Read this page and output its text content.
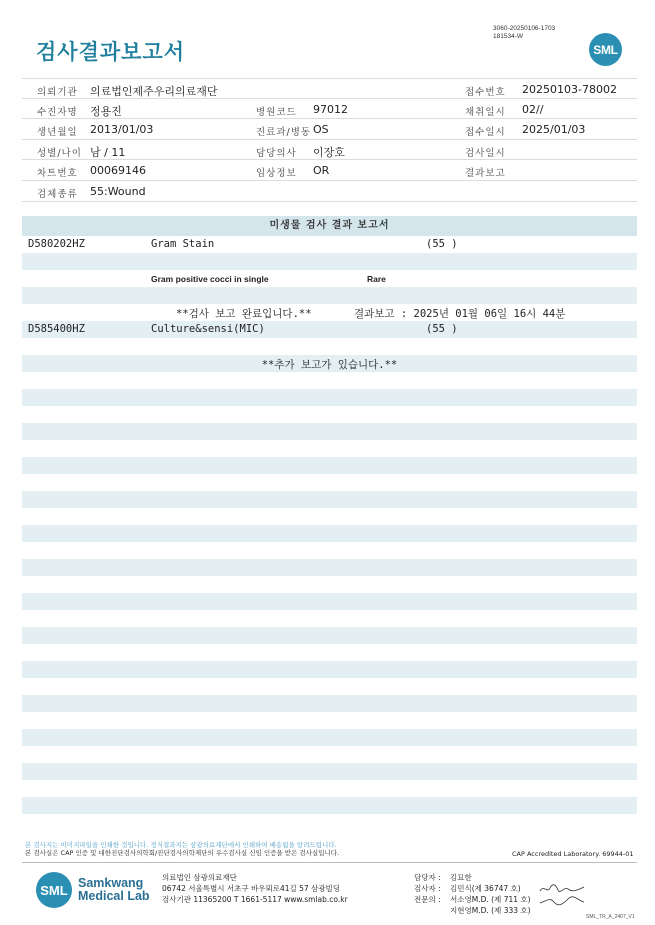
검사결과보고서
3060-20250106-1703
181534-W
SML
의뢰기관 의료법인제주우리의료재단	접수번호 20250103-78002
수진자명 정용진	병원코드 97012	채취일시 02//
생년월일 2013/01/03	진료과/병동 OS	접수일시 2025/01/03
성별/나이 남 / 11	담당의사 이장호	검사일시
차트번호 00069146	임상정보 OR	결과보고
검체종류 55:Wound
미생물 검사 결과 보고서
D580202HZ	Gram Stain	(55 )
Gram positive cocci in single	Rare
**검사 보고 완료입니다.**	결과보고 : 2025년 01월 06일 16시 44분
D585400HZ	Culture&sensi(MIC)	(55 )
**추가 보고가 있습니다.**
본 검사지는 이미지파일을 인쇄한 것입니다. 정식결과지는 삼광의료재단에서 인쇄하여 배송됨을 알려드립니다.
본 검사실은 CAP 인증 및 대한진단검사의학회/진단검사의학재단의 우수검사실 신임 인증을 받은 검사실입니다.	CAP Accredited Laboratory. 69944-01
SML Samkwang
Medical Lab
의료법인 삼광의료재단
06742 서울특별시 서초구 바우뫼로41길 57 삼광빌딩
검사기관 11365200 T 1661-5117 www.smlab.co.kr
담당자 : 김묘한
검사자 : 김민식(제 36747 호)
전문의 : 서소영M.D. (제 711 호)
지현영M.D. (제 333 호)
SML_TR_A_2407_V1
